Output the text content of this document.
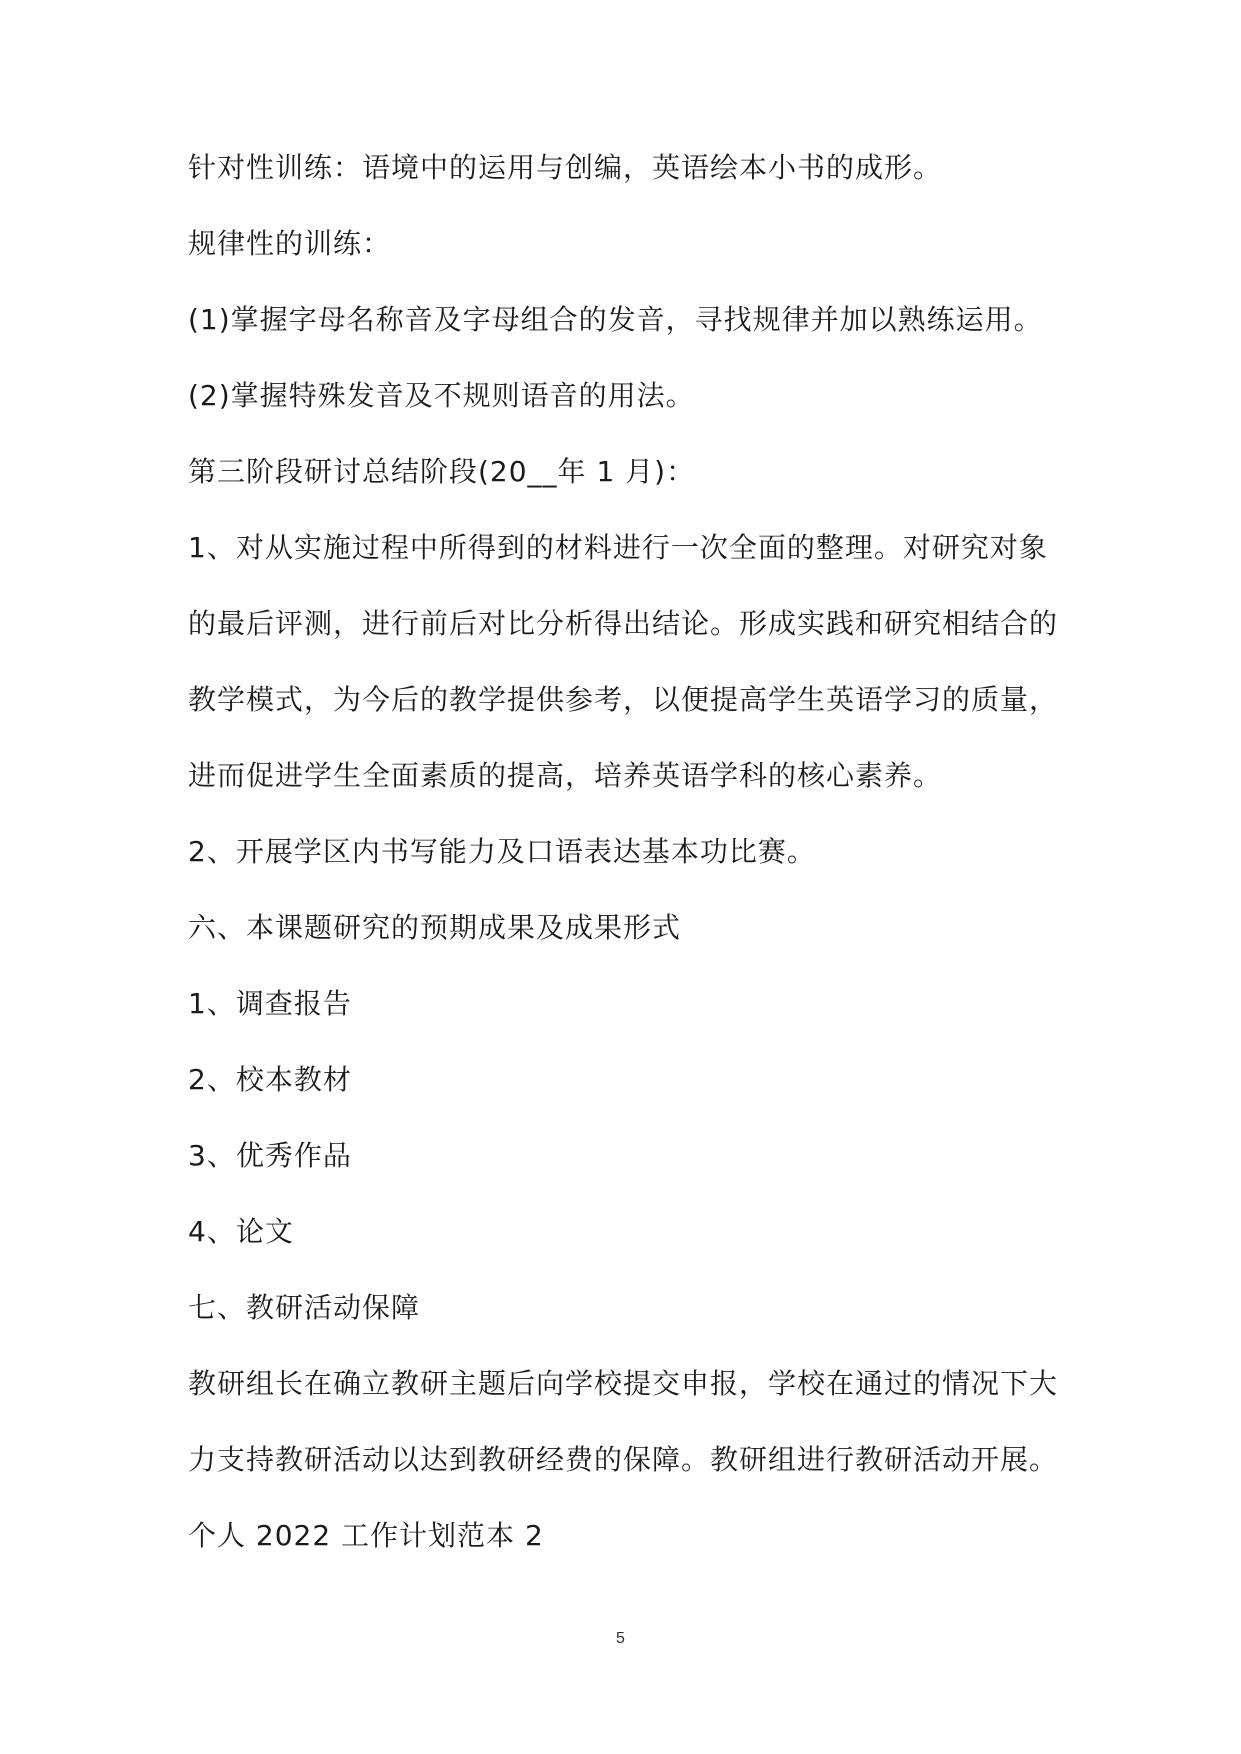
针对性训练：语境中的运用与创编，英语绘本小书的成形。
规律性的训练：
(1)掌握字母名称音及字母组合的发音，寻找规律并加以熟练运用。
(2)掌握特殊发音及不规则语音的用法。
第三阶段研讨总结阶段(20__年 1 月)：
1、对从实施过程中所得到的材料进行一次全面的整理。对研究对象
的最后评测，进行前后对比分析得出结论。形成实践和研究相结合的
教学模式，为今后的教学提供参考，以便提高学生英语学习的质量，
进而促进学生全面素质的提高，培养英语学科的核心素养。
2、开展学区内书写能力及口语表达基本功比赛。
六、本课题研究的预期成果及成果形式
1、调查报告
2、校本教材
3、优秀作品
4、论文
七、教研活动保障
教研组长在确立教研主题后向学校提交申报，学校在通过的情况下大
力支持教研活动以达到教研经费的保障。教研组进行教研活动开展。
个人 2022 工作计划范本 2
5
